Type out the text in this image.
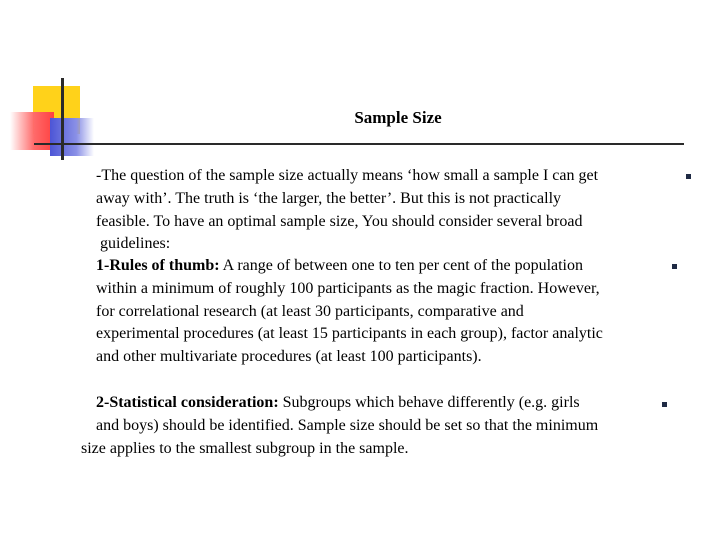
Sample Size

-The question of the sample size actually means ‘how small a sample I can get
away with’. The truth is ‘the larger, the better’. But this is not practically
feasible. To have an optimal sample size, You should consider several broad
guidelines:

1-Rules of thumb: A range of between one to ten per cent of the population
within a minimum of roughly 100 participants as the magic fraction. However,
for correlational research (at least 30 participants, comparative and
experimental procedures (at least 15 participants in each group), factor analytic
and other multivariate procedures (at least 100 participants).

2-Statistical consideration: Subgroups which behave differently (e.g. girls
and boys) should be identified. Sample size should be set so that the minimum
size applies to the smallest subgroup in the sample.
